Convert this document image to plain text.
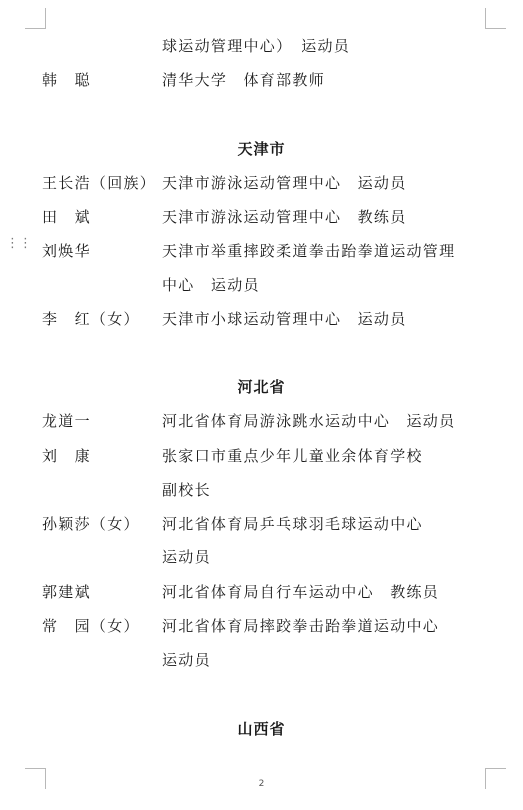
⋮⋮
球运动管理中心）　运动员
韩　聪	清华大学　体育部教师
天津市
王长浩（回族） 天津市游泳运动管理中心　运动员
田　斌	天津市游泳运动管理中心　教练员
刘焕华	天津市举重摔跤柔道拳击跆拳道运动管理
中心　运动员
李　红（女） 天津市小球运动管理中心　运动员
河北省
龙道一	河北省体育局游泳跳水运动中心　运动员
刘　康	张家口市重点少年儿童业余体育学校
副校长
孙颖莎（女） 河北省体育局乒乓球羽毛球运动中心
运动员
郭建斌	河北省体育局自行车运动中心　教练员
常　园（女） 河北省体育局摔跤拳击跆拳道运动中心
运动员
山西省
2
